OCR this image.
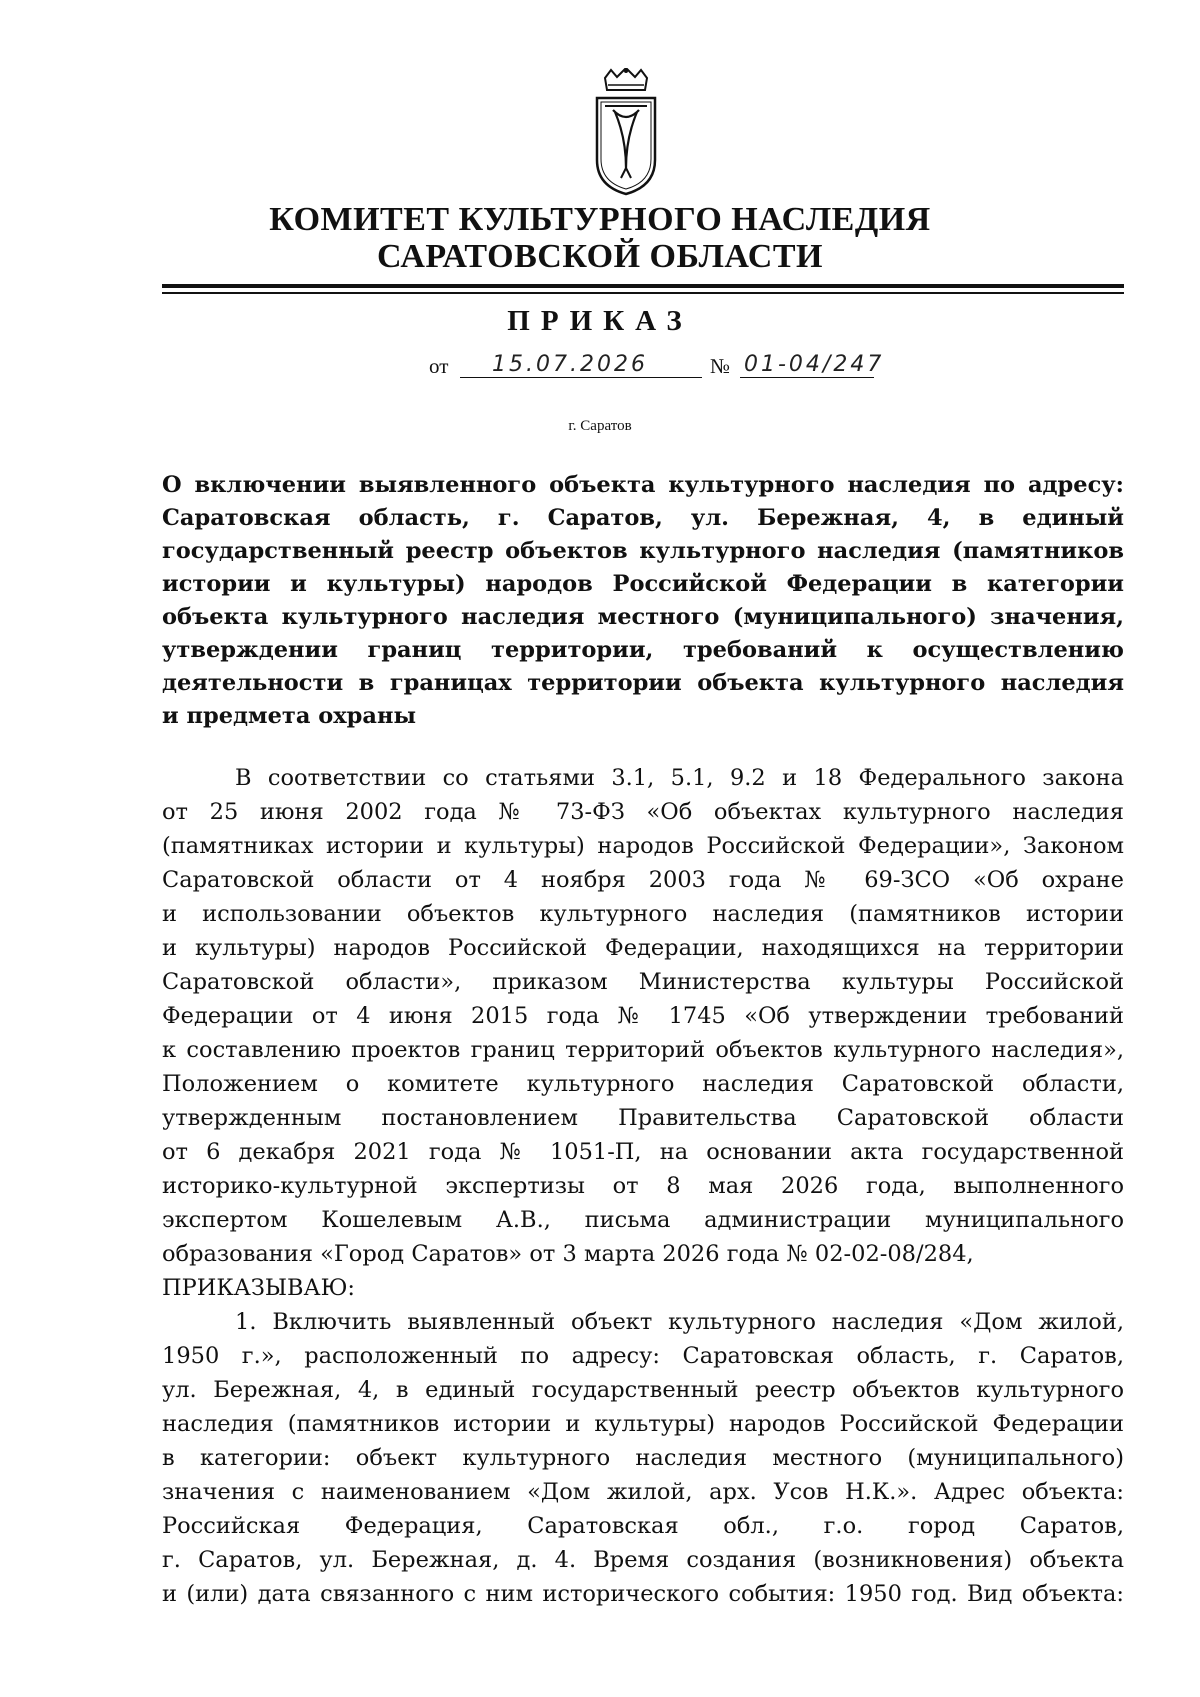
КОМИТЕТ КУЛЬТУРНОГО НАСЛЕДИЯ
САРАТОВСКОЙ ОБЛАСТИ
ПРИКАЗ
от 15.07.2026	№ 01-04/247
г. Саратов
О включении выявленного объекта культурного наследия по адресу:
Саратовская область, г. Саратов, ул. Бережная, 4, в единый
государственный реестр объектов культурного наследия (памятников
истории и культуры) народов Российской Федерации в категории
объекта культурного наследия местного (муниципального) значения,
утверждении границ территории, требований к осуществлению
деятельности в границах территории объекта культурного наследия
и предмета охраны
В соответствии со статьями 3.1, 5.1, 9.2 и 18 Федерального закона
от 25 июня 2002 года № 73-ФЗ «Об объектах культурного наследия
(памятниках истории и культуры) народов Российской Федерации», Законом
Саратовской области от 4 ноября 2003 года № 69-ЗСО «Об охране
и использовании объектов культурного наследия (памятников истории
и культуры) народов Российской Федерации, находящихся на территории
Саратовской области», приказом Министерства культуры Российской
Федерации от 4 июня 2015 года № 1745 «Об утверждении требований
к составлению проектов границ территорий объектов культурного наследия»,
Положением о комитете культурного наследия Саратовской области,
утвержденным постановлением Правительства Саратовской области
от 6 декабря 2021 года № 1051-П, на основании акта государственной
историко-культурной экспертизы от 8 мая 2026 года, выполненного
экспертом Кошелевым А.В., письма администрации муниципального
образования «Город Саратов» от 3 марта 2026 года № 02-02-08/284,
ПРИКАЗЫВАЮ:
1. Включить выявленный объект культурного наследия «Дом жилой,
1950 г.», расположенный по адресу: Саратовская область, г. Саратов,
ул. Бережная, 4, в единый государственный реестр объектов культурного
наследия (памятников истории и культуры) народов Российской Федерации
в категории: объект культурного наследия местного (муниципального)
значения с наименованием «Дом жилой, арх. Усов Н.К.». Адрес объекта:
Российская Федерация, Саратовская обл., г.о. город Саратов,
г. Саратов, ул. Бережная, д. 4. Время создания (возникновения) объекта
и (или) дата связанного с ним исторического события: 1950 год. Вид объекта:
